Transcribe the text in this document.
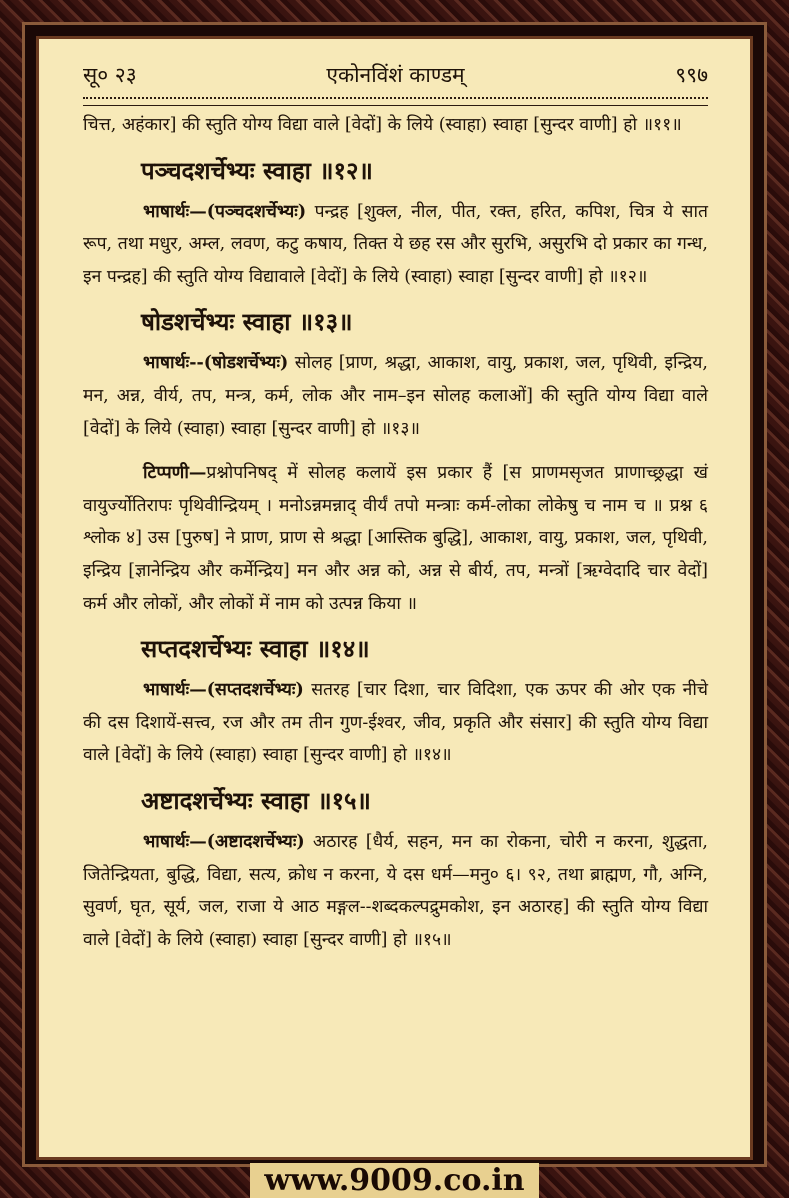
सू० २३	एकोनविंशं काण्डम्	९९७

चित्त, अहंकार] की स्तुति योग्य विद्या वाले [वेदों] के लिये (स्वाहा) स्वाहा [सुन्दर वाणी] हो ॥११॥

पञ्चदशर्चेभ्यः स्वाहा ॥१२॥

भाषार्थः—(पञ्चदशर्चेभ्यः) पन्द्रह [शुक्ल, नील, पीत, रक्त, हरित, कपिश, चित्र ये सात रूप, तथा मधुर, अम्ल, लवण, कटु कषाय, तिक्त ये छह रस और सुरभि, असुरभि दो प्रकार का गन्ध, इन पन्द्रह] की स्तुति योग्य विद्यावाले [वेदों] के लिये (स्वाहा) स्वाहा [सुन्दर वाणी] हो ॥१२॥

षोडशर्चेभ्यः स्वाहा ॥१३॥

भाषार्थः--(षोडशर्चेभ्यः) सोलह [प्राण, श्रद्धा, आकाश, वायु, प्रकाश, जल, पृथिवी, इन्द्रिय, मन, अन्न, वीर्य, तप, मन्त्र, कर्म, लोक और नाम–इन सोलह कलाओं] की स्तुति योग्य विद्या वाले [वेदों] के लिये (स्वाहा) स्वाहा [सुन्दर वाणी] हो ॥१३॥

टिप्पणी—प्रश्नोपनिषद् में सोलह कलायें इस प्रकार हैं [स प्राणमसृजत प्राणाच्छ्रद्धा खं वायुर्ज्योतिरापः पृथिवीन्द्रियम् । मनोऽन्नमन्नाद् वीर्यं तपो मन्त्राः कर्म-लोका लोकेषु च नाम च ॥ प्रश्न ६ श्लोक ४] उस [पुरुष] ने प्राण, प्राण से श्रद्धा [आस्तिक बुद्धि], आकाश, वायु, प्रकाश, जल, पृथिवी, इन्द्रिय [ज्ञानेन्द्रिय और कर्मेन्द्रिय] मन और अन्न को, अन्न से बीर्य, तप, मन्त्रों [ऋग्वेदादि चार वेदों] कर्म और लोकों, और लोकों में नाम को उत्पन्न किया ॥

सप्तदशर्चेभ्यः स्वाहा ॥१४॥

भाषार्थः—(सप्तदशर्चेभ्यः) सतरह [चार दिशा, चार विदिशा, एक ऊपर की ओर एक नीचे की दस दिशायें-सत्त्व, रज और तम तीन गुण-ईश्वर, जीव, प्रकृति और संसार] की स्तुति योग्य विद्या वाले [वेदों] के लिये (स्वाहा) स्वाहा [सुन्दर वाणी] हो ॥१४॥

अष्टादशर्चेभ्यः स्वाहा ॥१५॥

भाषार्थः—(अष्टादशर्चेभ्यः) अठारह [धैर्य, सहन, मन का रोकना, चोरी न करना, शुद्धता, जितेन्द्रियता, बुद्धि, विद्या, सत्य, क्रोध न करना, ये दस धर्म—मनु० ६। ९२, तथा ब्राह्मण, गौ, अग्नि, सुवर्ण, घृत, सूर्य, जल, राजा ये आठ मङ्गल--शब्दकल्पद्रुमकोश, इन अठारह] की स्तुति योग्य विद्या वाले [वेदों] के लिये (स्वाहा) स्वाहा [सुन्दर वाणी] हो ॥१५॥

www.9009.co.in
